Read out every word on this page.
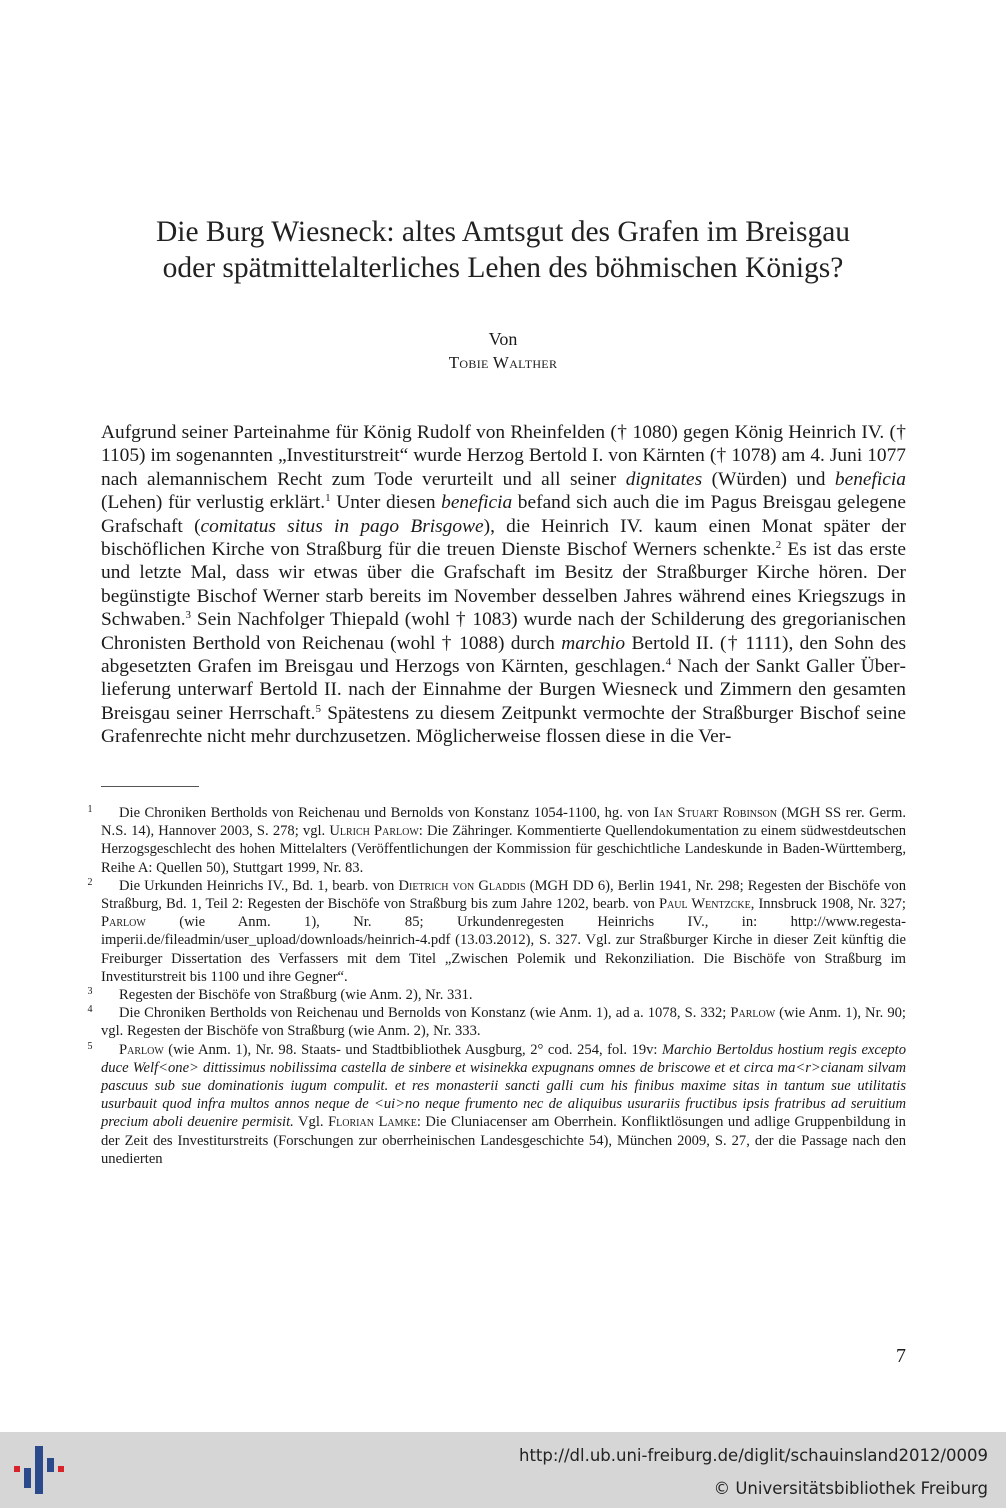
Die Burg Wiesneck: altes Amtsgut des Grafen im Breisgau
oder spätmittelalterliches Lehen des böhmischen Königs?
Von
Tobie Walther

Aufgrund seiner Parteinahme für König Rudolf von Rheinfelden († 1080) gegen König Heinrich IV. († 1105) im sogenannten „Investiturstreit“ wurde Herzog Bertold I. von Kärnten († 1078) am 4. Juni 1077 nach alemannischem Recht zum Tode verurteilt und all seiner dignitates (Würden) und beneficia (Lehen) für verlustig erklärt.$^1$ Unter diesen beneficia befand sich auch die im Pagus Breisgau gelegene Grafschaft (comitatus situs in pago Brisgowe), die Heinrich IV. kaum einen Monat später der bischöflichen Kirche von Straßburg für die treuen Dienste Bischof Werners schenkte.$^2$ Es ist das erste und letzte Mal, dass wir etwas über die Grafschaft im Besitz der Straßburger Kirche hören. Der begünstigte Bischof Werner starb bereits im November desselben Jahres während eines Kriegszugs in Schwaben.$^3$ Sein Nachfolger Thiepald (wohl † 1083) wurde nach der Schilderung des gregorianischen Chronisten Berthold von Reichenau (wohl † 1088) durch marchio Bertold II. († 1111), den Sohn des abgesetzten Grafen im Breisgau und Herzogs von Kärnten, geschlagen.$^4$ Nach der Sankt Galler Überlieferung unterwarf Bertold II. nach der Einnahme der Burgen Wiesneck und Zimmern den gesamten Breisgau seiner Herrschaft.$^5$ Spätestens zu diesem Zeitpunkt vermochte der Straßburger Bischof seine Grafenrechte nicht mehr durchzusetzen. Möglicherweise flossen diese in die Ver-

1	Die Chroniken Bertholds von Reichenau und Bernolds von Konstanz 1054-1100, hg. von Ian Stuart Robinson (MGH SS rer. Germ. N.S. 14), Hannover 2003, S. 278; vgl. Ulrich Parlow: Die Zähringer. Kommentierte Quellendokumentation zu einem südwestdeutschen Herzogsgeschlecht des hohen Mittelalters (Veröffentlichungen der Kommission für geschichtliche Landeskunde in Baden-Württemberg, Reihe A: Quellen 50), Stuttgart 1999, Nr. 83.

2	Die Urkunden Heinrichs IV., Bd. 1, bearb. von Dietrich von Gladdis (MGH DD 6), Berlin 1941, Nr. 298; Regesten der Bischöfe von Straßburg, Bd. 1, Teil 2: Regesten der Bischöfe von Straßburg bis zum Jahre 1202, bearb. von Paul Wentzcke, Innsbruck 1908, Nr. 327; Parlow (wie Anm. 1), Nr. 85; Urkundenregesten Heinrichs IV., in: http://www.regesta-imperii.de/fileadmin/user_upload/downloads/heinrich-4.pdf (13.03.2012), S. 327. Vgl. zur Straßburger Kirche in dieser Zeit künftig die Freiburger Dissertation des Verfassers mit dem Titel „Zwischen Polemik und Rekonziliation. Die Bischöfe von Straßburg im Investiturstreit bis 1100 und ihre Gegner“.

3	Regesten der Bischöfe von Straßburg (wie Anm. 2), Nr. 331.

4	Die Chroniken Bertholds von Reichenau und Bernolds von Konstanz (wie Anm. 1), ad a. 1078, S. 332; Parlow (wie Anm. 1), Nr. 90; vgl. Regesten der Bischöfe von Straßburg (wie Anm. 2), Nr. 333.

5	Parlow (wie Anm. 1), Nr. 98. Staats- und Stadtbibliothek Ausgburg, 2° cod. 254, fol. 19v: Marchio Bertoldus hostium regis excepto duce Welf<one> dittissimus nobilissima castella de sinbere et wisinekka expugnans omnes de briscowe et et circa ma<r>cianam silvam pascuus sub sue dominationis iugum compulit. et res monasterii sancti galli cum his finibus maxime sitas in tantum sue utilitatis usurbauit quod infra multos annos neque de <ui>no neque frumento nec de aliquibus usurariis fructibus ipsis fratribus ad seruitium precium aboli deuenire permisit. Vgl. Florian Lamke: Die Cluniacenser am Oberrhein. Konfliktlösungen und adlige Gruppenbildung in der Zeit des Investiturstreits (Forschungen zur oberrheinischen Landesgeschichte 54), München 2009, S. 27, der die Passage nach den unedierten

7
http://dl.ub.uni-freiburg.de/diglit/schauinsland2012/0009
© Universitätsbibliothek Freiburg
